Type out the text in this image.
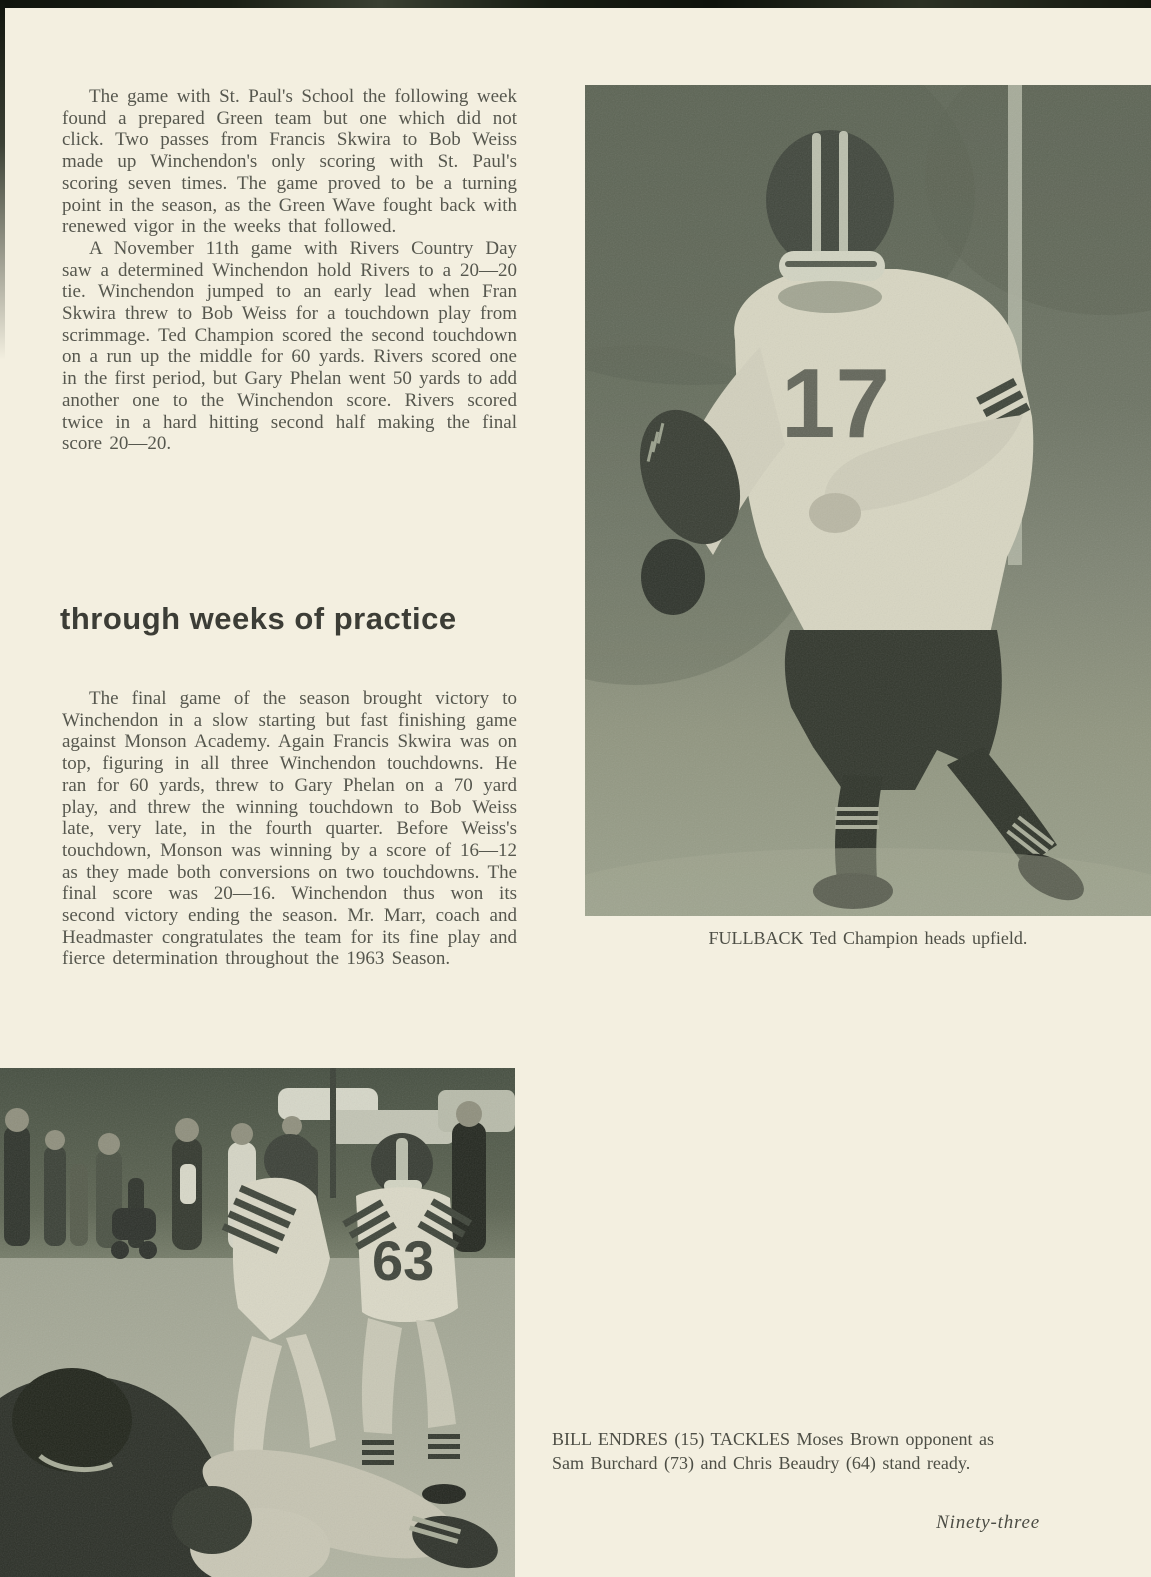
The game with St. Paul's School the following week found a prepared Green team but one which did not click. Two passes from Francis Skwira to Bob Weiss made up Winchendon's only scoring with St. Paul's scoring seven times. The game proved to be a turning point in the season, as the Green Wave fought back with renewed vigor in the weeks that followed.

A November 11th game with Rivers Country Day saw a determined Winchendon hold Rivers to a 20—20 tie. Winchendon jumped to an early lead when Fran Skwira threw to Bob Weiss for a touchdown play from scrimmage. Ted Champion scored the second touchdown on a run up the middle for 60 yards. Rivers scored one in the first period, but Gary Phelan went 50 yards to add another one to the Winchendon score. Rivers scored twice in a hard hitting second half making the final score 20—20.

through weeks of practice

The final game of the season brought victory to Winchendon in a slow starting but fast finishing game against Monson Academy. Again Francis Skwira was on top, figuring in all three Winchendon touchdowns. He ran for 60 yards, threw to Gary Phelan on a 70 yard play, and threw the winning touchdown to Bob Weiss late, very late, in the fourth quarter. Before Weiss's touchdown, Monson was winning by a score of 16—12 as they made both conversions on two touchdowns. The final score was 20—16. Winchendon thus won its second victory ending the season. Mr. Marr, coach and Headmaster congratulates the team for its fine play and fierce determination throughout the 1963 Season.

17
FULLBACK Ted Champion heads upfield.
63
BILL ENDRES (15) TACKLES Moses Brown opponent as
Sam Burchard (73) and Chris Beaudry (64) stand ready.
Ninety-three
